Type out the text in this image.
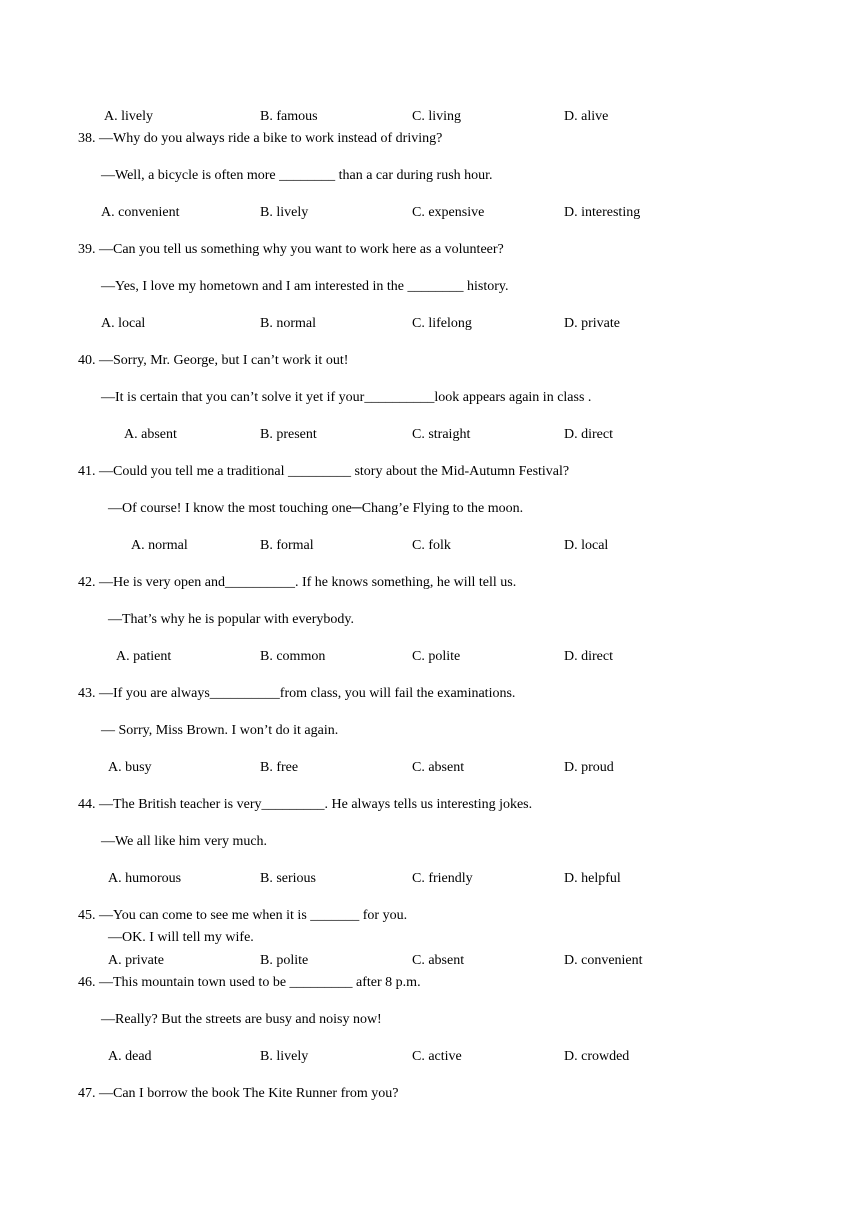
A. lively	B. famous	C. living	D. alive
38. —Why do you always ride a bike to work instead of driving?
—Well, a bicycle is often more ________ than a car during rush hour.
A. convenient	B. lively	C. expensive	D. interesting
39. —Can you tell us something why you want to work here as a volunteer?
—Yes, I love my hometown and I am interested in the ________ history.
A. local	B. normal	C. lifelong	D. private
40. —Sorry, Mr. George, but I can’t work it out!
—It is certain that you can’t solve it yet if your__________look appears again in class .
A. absent	B. present	C. straight	D. direct
41. —Could you tell me a traditional _________ story about the Mid-Autumn Festival?
—Of course! I know the most touching one─Chang’e Flying to the moon.
A. normal	B. formal	C. folk	D. local
42. —He is very open and__________. If he knows something, he will tell us.
—That’s why he is popular with everybody.
A. patient	B. common	C. polite	D. direct
43. —If you are always__________from class, you will fail the examinations.
— Sorry, Miss Brown. I won’t do it again.
A. busy	B. free	C. absent	D. proud
44. —The British teacher is very_________. He always tells us interesting jokes.
—We all like him very much.
A. humorous	B. serious	C. friendly	D. helpful
45. —You can come to see me when it is _______ for you.
—OK. I will tell my wife.
A. private	B. polite	C. absent	D. convenient
46. —This mountain town used to be _________ after 8 p.m.
—Really? But the streets are busy and noisy now!
A. dead	B. lively	C. active	D. crowded
47. —Can I borrow the book The Kite Runner from you?
